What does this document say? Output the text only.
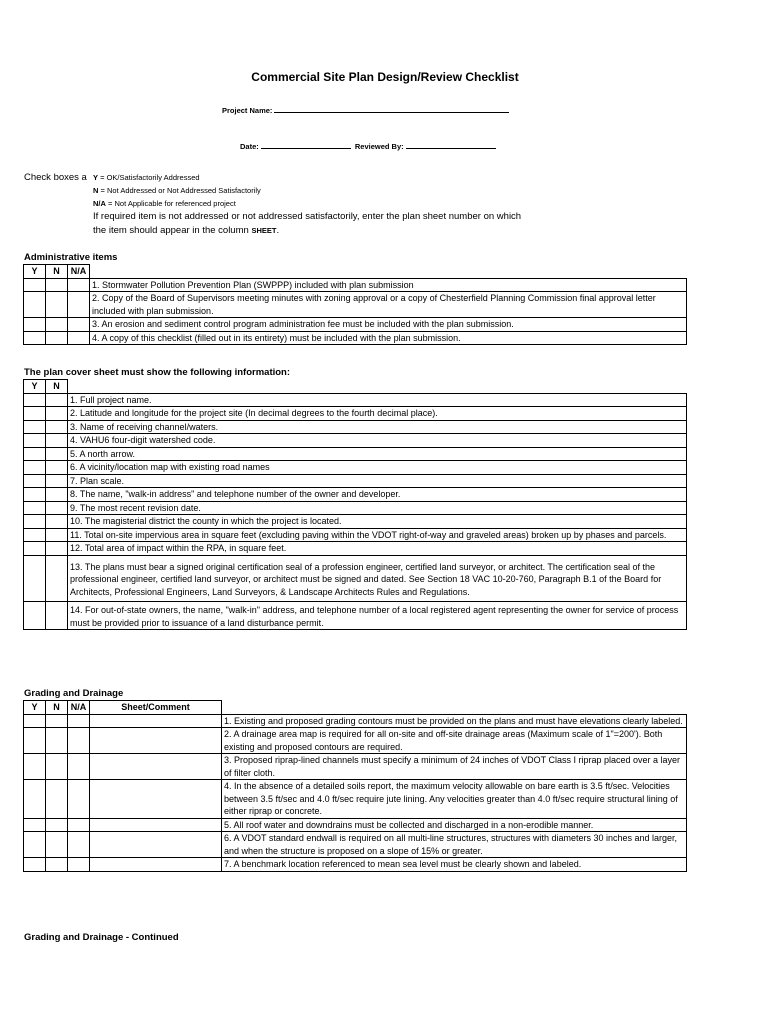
Commercial Site Plan Design/Review Checklist
Project Name:
Date:	Reviewed By:
Check boxes a Y = OK/Satisfactorily Addressed
N = Not Addressed or Not Addressed Satisfactorily
N/A = Not Applicable for referenced project
If required item is not addressed or not addressed satisfactorily, enter the plan sheet number on which
the item should appear in the column SHEET.
Administrative items
Y	N	N/A	
			1. Stormwater Pollution Prevention Plan (SWPPP) included with plan submission
			2. Copy of the Board of Supervisors meeting minutes with zoning approval or a copy of Chesterfield Planning Commission final approval letter included with plan submission.
			3. An erosion and sediment control program administration fee must be included with the plan submission.
			4. A copy of this checklist (filled out in its entirety) must be included with the plan submission.
The plan cover sheet must show the following information:
Y	N	
		1. Full project name.
		2. Latitude and longitude for the project site (In decimal degrees to the fourth decimal place).
		3. Name of receiving channel/waters.
		4. VAHU6 four-digit watershed code.
		5. A north arrow.
		6. A vicinity/location map with existing road names
		7. Plan scale.
		8. The name, "walk-in address" and telephone number of the owner and developer.
		9. The most recent revision date.
		10. The magisterial district the county in which the project is located.
		11. Total on-site impervious area in square feet (excluding paving within the VDOT right-of-way and graveled areas) broken up by phases and parcels.
		12. Total area of impact within the RPA, in square feet.
		13. The plans must bear a signed original certification seal of a profession engineer, certified land surveyor, or architect. The certification seal of the professional engineer, certified land surveyor, or architect must be signed and dated. See Section 18 VAC 10-20-760, Paragraph B.1 of the Board for Architects, Professional Engineers, Land Surveyors, & Landscape Architects Rules and Regulations.
		14. For out-of-state owners, the name, "walk-in" address, and telephone number of a local registered agent representing the owner for service of process must be provided prior to issuance of a land disturbance permit.
Grading and Drainage
Y	N	N/A	Sheet/Comment	
				1. Existing and proposed grading contours must be provided on the plans and must have elevations clearly labeled.
				2. A drainage area map is required for all on-site and off-site drainage areas (Maximum scale of 1"=200'). Both existing and proposed contours are required.
				3. Proposed riprap-lined channels must specify a minimum of 24 inches of VDOT Class I riprap placed over a layer of filter cloth.
				4. In the absence of a detailed soils report, the maximum velocity allowable on bare earth is 3.5 ft/sec. Velocities between 3.5 ft/sec and 4.0 ft/sec require jute lining. Any velocities greater than 4.0 ft/sec require structural lining of either riprap or concrete.
				5. All roof water and downdrains must be collected and discharged in a non-erodible manner.
				6. A VDOT standard endwall is required on all multi-line structures, structures with diameters 30 inches and larger, and when the structure is proposed on a slope of 15% or greater.
				7. A benchmark location referenced to mean sea level must be clearly shown and labeled.
Grading and Drainage - Continued
